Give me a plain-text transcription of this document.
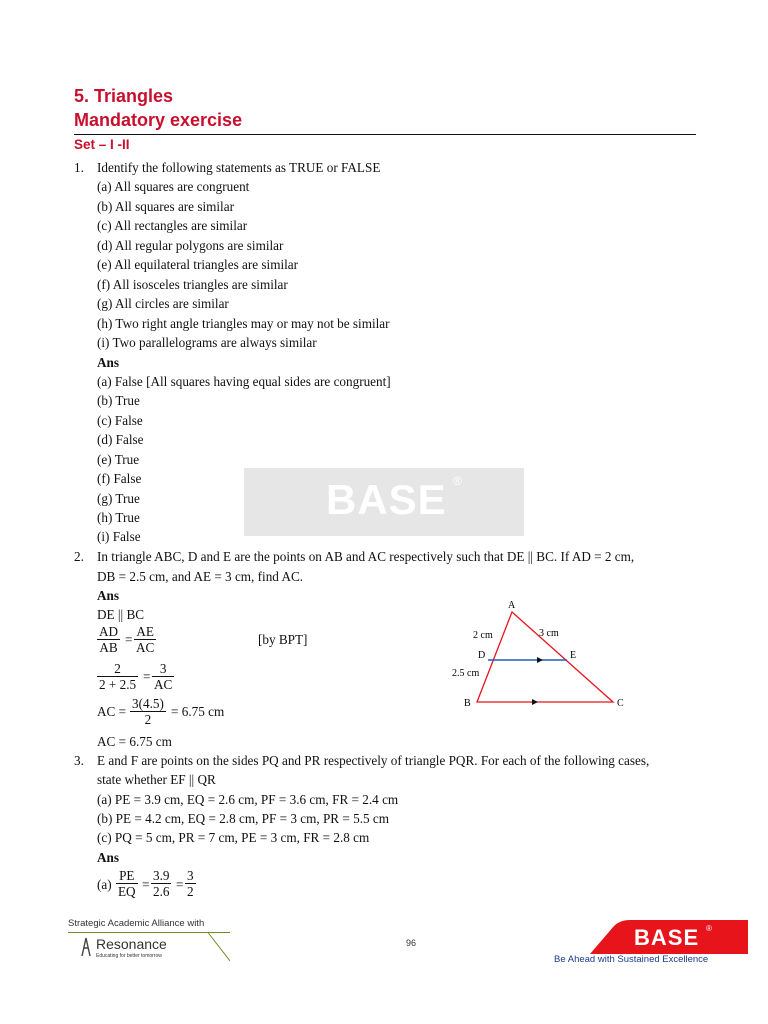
5. Triangles
Mandatory exercise
Set – I -II
BASE ®
1. Identify the following statements as TRUE or FALSE
(a) All squares are congruent
(b) All squares are similar
(c) All rectangles are similar
(d) All regular polygons are similar
(e) All equilateral triangles are similar
(f) All isosceles triangles are similar
(g) All circles are similar
(h) Two right angle triangles may or may not be similar
(i) Two parallelograms are always similar
Ans
(a) False [All squares having equal sides are congruent]
(b) True
(c) False
(d) False
(e) True
(f) False
(g) True
(h) True
(i) False
2. In triangle ABC, D and E are the points on AB and AC respectively such that DE || BC. If AD = 2 cm,
DB = 2.5 cm, and AE = 3 cm, find AC.
Ans
DE || BC
$\frac{AD}{AB} = \frac{AE}{AC}$	[by BPT]
$\frac{2}{2 + 2.5} = \frac{3}{AC}$
AC = $\frac{3(4.5)}{2} = 6.75$ cm
AC = 6.75 cm
A
B	C
D	E
2 cm	3 cm
2.5 cm
3. E and F are points on the sides PQ and PR respectively of triangle PQR. For each of the following cases,
state whether EF || QR
(a) PE = 3.9 cm, EQ = 2.6 cm, PF = 3.6 cm, FR = 2.4 cm
(b) PE = 4.2 cm, EQ = 2.8 cm, PF = 3 cm, PR = 5.5 cm
(c) PQ = 5 cm, PR = 7 cm, PE = 3 cm, FR = 2.8 cm
Ans
$(a) \frac{PE}{EQ} = \frac{3.9}{2.6} = \frac{3}{2}$
Strategic Academic Alliance with
Resonance
Educating for better tomorrow
96	BASE ®
Be Ahead with Sustained Excellence
